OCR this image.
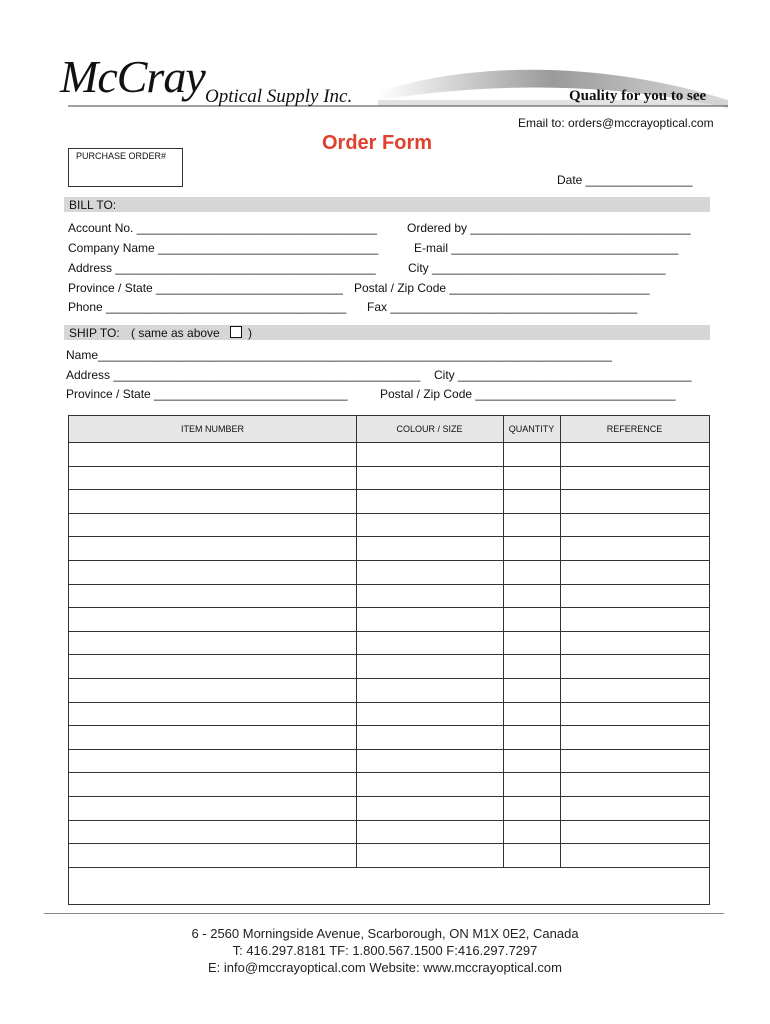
McCray Optical Supply Inc.	Quality for you to see
Email to: orders@mccrayoptical.com
Order Form
PURCHASE ORDER#
Date ________________
BILL TO:
Account No. ____________________________________	Ordered by _________________________________
Company Name _________________________________	E-mail __________________________________
Address _______________________________________	City ___________________________________
Province / State ____________________________ Postal / Zip Code ______________________________
Phone ____________________________________ Fax _____________________________________
SHIP TO: ( same as above )
Name_____________________________________________________________________________
Address ______________________________________________ City ___________________________________
Province / State _____________________________	Postal / Zip Code ______________________________
ITEM NUMBER	COLOUR / SIZE	QUANTITY	REFERENCE
6 - 2560 Morningside Avenue, Scarborough, ON M1X 0E2, Canada
T: 416.297.8181 TF: 1.800.567.1500 F:416.297.7297
E: info@mccrayoptical.com Website: www.mccrayoptical.com
